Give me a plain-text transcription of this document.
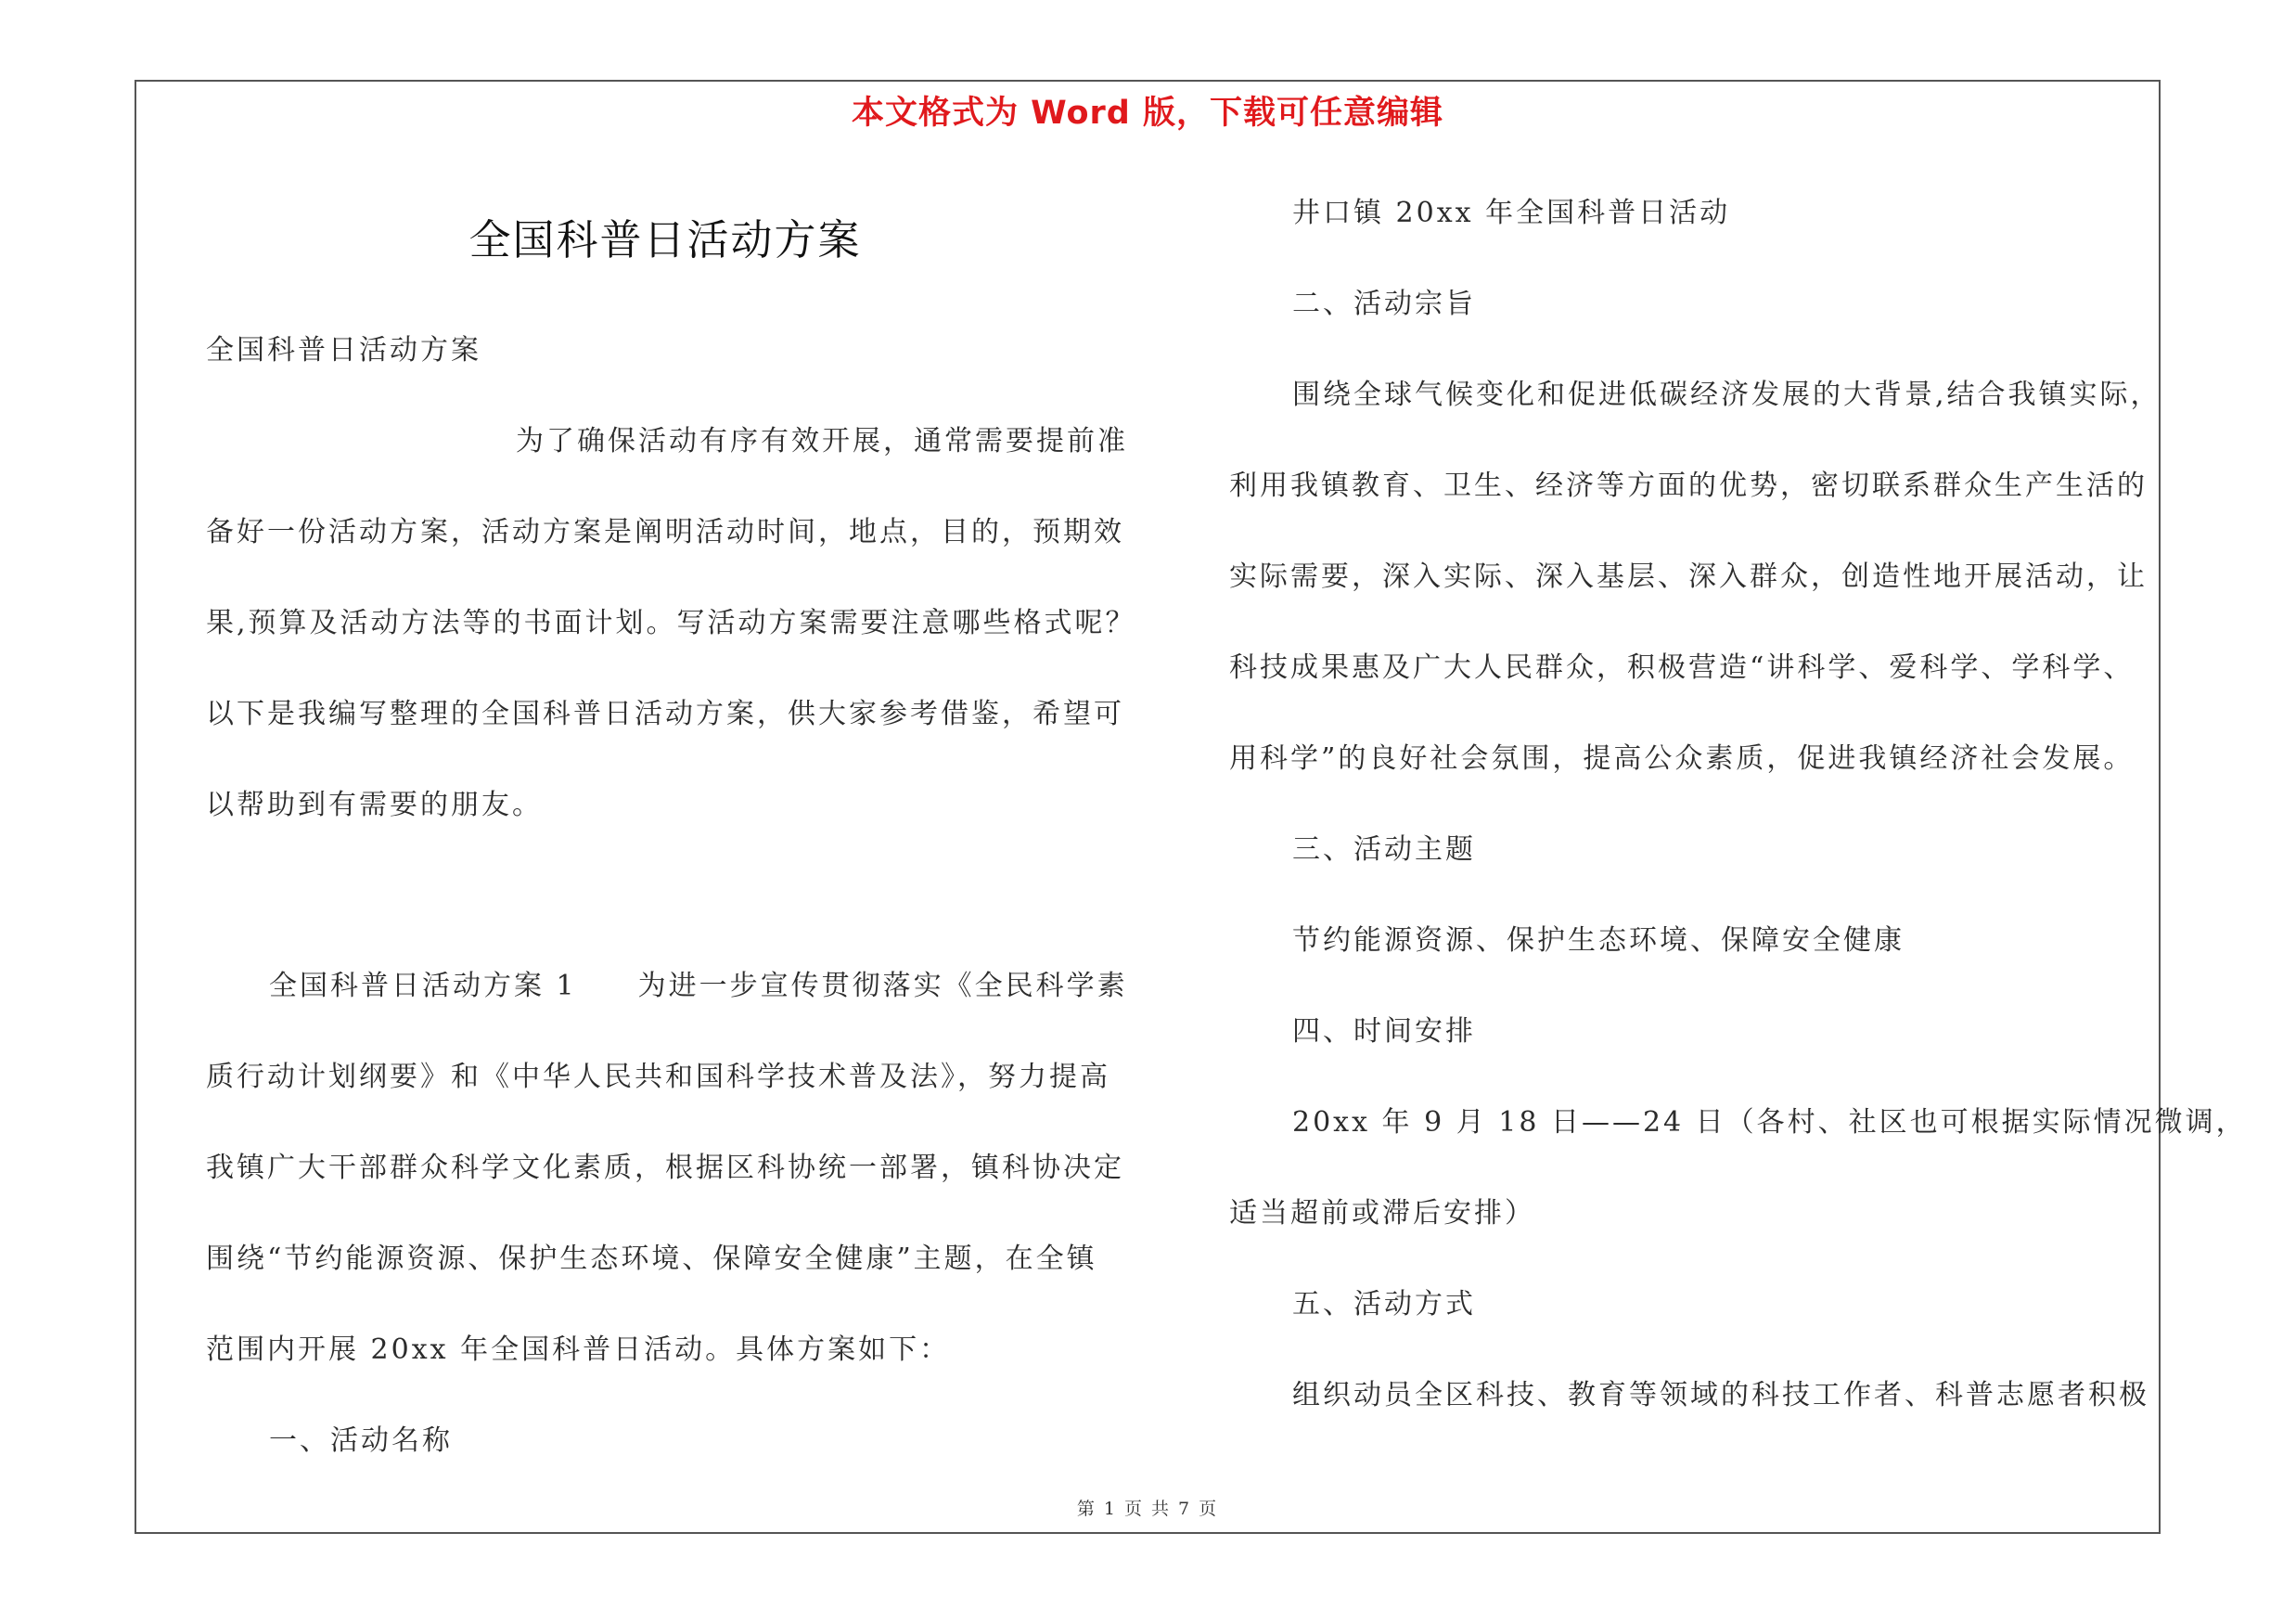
本文格式为 Word 版，下载可任意编辑
全国科普日活动方案
全国科普日活动方案
为了确保活动有序有效开展，通常需要提前准
备好一份活动方案，活动方案是阐明活动时间，地点，目的，预期效
果,预算及活动方法等的书面计划。写活动方案需要注意哪些格式呢？
以下是我编写整理的全国科普日活动方案，供大家参考借鉴，希望可
以帮助到有需要的朋友。
全国科普日活动方案 1　　为进一步宣传贯彻落实《全民科学素
质行动计划纲要》和《中华人民共和国科学技术普及法》，努力提高
我镇广大干部群众科学文化素质，根据区科协统一部署，镇科协决定
围绕“节约能源资源、保护生态环境、保障安全健康”主题，在全镇
范围内开展 20xx 年全国科普日活动。具体方案如下：
一、活动名称
井口镇 20xx 年全国科普日活动
二、活动宗旨
围绕全球气候变化和促进低碳经济发展的大背景,结合我镇实际，
利用我镇教育、卫生、经济等方面的优势，密切联系群众生产生活的
实际需要，深入实际、深入基层、深入群众，创造性地开展活动，让
科技成果惠及广大人民群众，积极营造“讲科学、爱科学、学科学、
用科学”的良好社会氛围，提高公众素质，促进我镇经济社会发展。
三、活动主题
节约能源资源、保护生态环境、保障安全健康
四、时间安排
20xx 年 9 月 18 日——24 日（各村、社区也可根据实际情况微调，
适当超前或滞后安排）
五、活动方式
组织动员全区科技、教育等领域的科技工作者、科普志愿者积极
第 1 页 共 7 页
